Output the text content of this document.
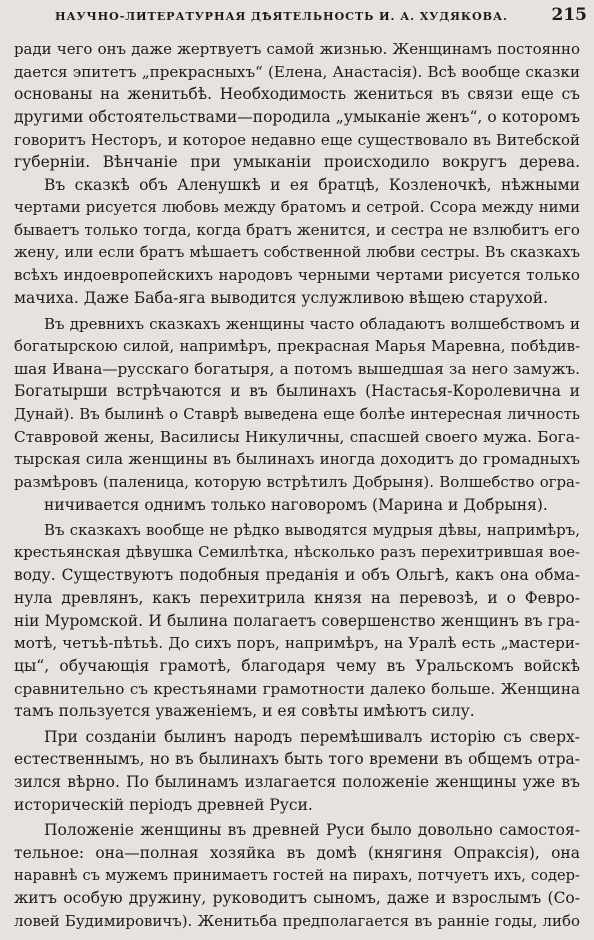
НАУЧНО-ЛИТЕРАТУРНАЯ ДѢЯТЕЛЬНОСТЬ И. А. ХУДЯКОВА.	215
ради чего онъ даже жертвуетъ самой жизнью. Женщинамъ постоянно
дается эпитетъ „прекрасныхъ“ (Елена, Анастасія). Всѣ вообще сказки
основаны на женитьбѣ. Необходимость жениться въ связи еще съ
другими обстоятельствами—породила „умыканіе женъ“, о которомъ
говоритъ Несторъ, и которое недавно еще существовало въ Витебской
губерніи. Вѣнчаніе при умыканіи происходило вокругъ дерева.
Въ сказкѣ объ Аленушкѣ и ея братцѣ, Козленочкѣ, нѣжными
чертами рисуется любовь между братомъ и сетрой. Ссора между ними
бываетъ только тогда, когда братъ женится, и сестра не взлюбитъ его
жену, или если братъ мѣшаетъ собственной любви сестры. Въ сказкахъ
всѣхъ индоевропейскихъ народовъ черными чертами рисуется только
мачиха. Даже Баба-яга выводится услужливою вѣщею старухой.
Въ древнихъ сказкахъ женщины часто обладаютъ волшебствомъ и
богатырскою силой, напримѣръ, прекрасная Марья Маревна, побѣдив-
шая Ивана—русскаго богатыря, а потомъ вышедшая за него замужъ.
Богатырши встрѣчаются и въ былинахъ (Настасья-Королевична и
Дунай). Въ былинѣ о Ставрѣ выведена еще болѣе интересная личность
Ставровой жены, Василисы Никуличны, спасшей своего мужа. Бога-
тырская сила женщины въ былинахъ иногда доходитъ до громадныхъ
размѣровъ (паленица, которую встрѣтилъ Добрыня). Волшебство огра-
ничивается однимъ только наговоромъ (Марина и Добрыня).
Въ сказкахъ вообще не рѣдко выводятся мудрыя дѣвы, напримѣръ,
крестьянская дѣвушка Семилѣтка, нѣсколько разъ перехитрившая вое-
воду. Существуютъ подобныя преданія и объ Ольгѣ, какъ она обма-
нула древлянъ, какъ перехитрила князя на перевозѣ, и о Февро-
ніи Муромской. И былина полагаетъ совершенство женщинъ въ грa-
мотѣ, четъѣ-пѣтьѣ. До сихъ поръ, напримѣръ, на Уралѣ есть „мастери-
цы“, обучающія грамотѣ, благодаря чему въ Уральскомъ войскѣ
сравнительно съ крестьянами грамотности далеко больше. Женщина
тамъ пользуется уваженіемъ, и ея совѣты имѣютъ силу.
При созданіи былинъ народъ перемѣшивалъ исторію съ сверх-
естественнымъ, но въ былинахъ быть того времени въ общемъ отра-
зился вѣрно. По былинамъ излагается положеніе женщины уже въ
историческій періодъ древней Руси.
Положеніе женщины въ древней Руси было довольно самостоя-
тельное: она—полная хозяйка въ домѣ (княгиня Опраксія), она
наравнѣ съ мужемъ принимаетъ гостей на пирахъ, потчуетъ ихъ, содер-
житъ особую дружину, руководитъ сыномъ, даже и взрослымъ (Со-
ловей Будимировичъ). Женитьба предполагается въ раннiе годы, либо
